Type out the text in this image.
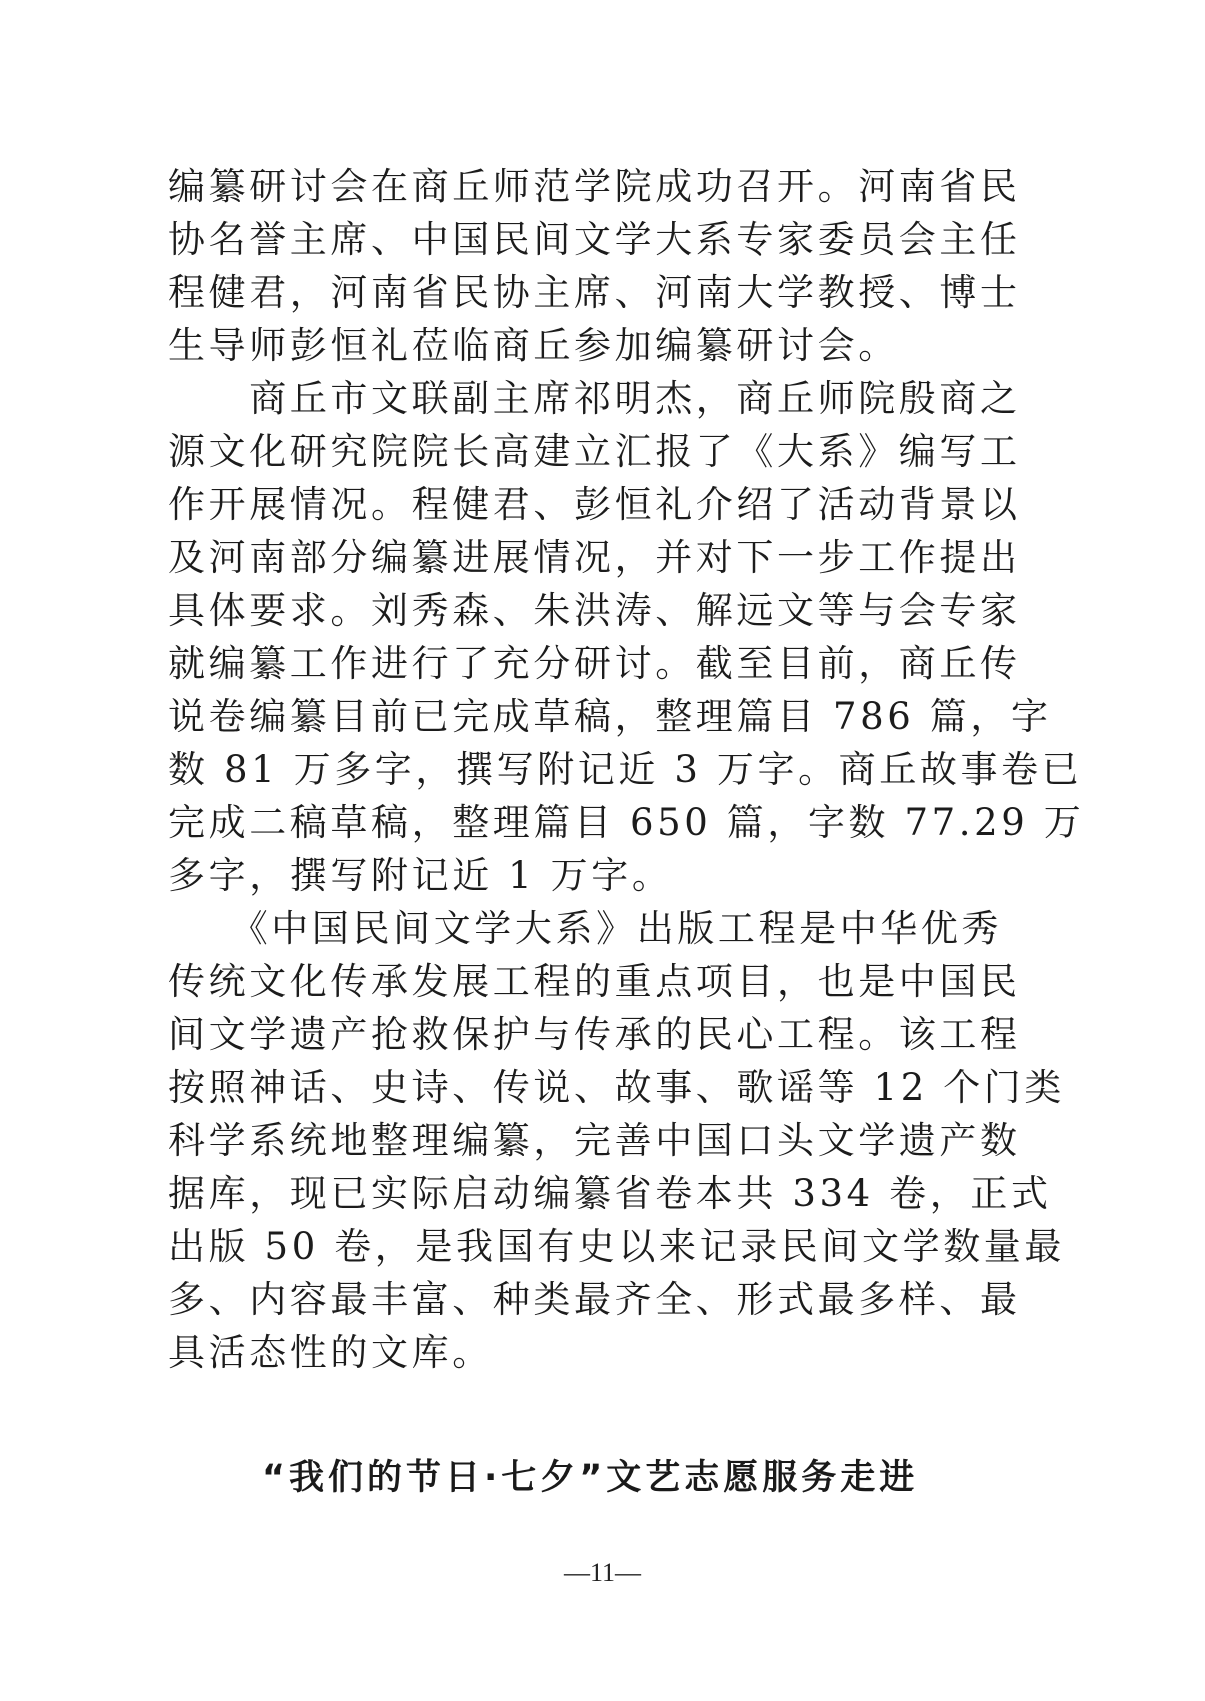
编纂研讨会在商丘师范学院成功召开。河南省民
协名誉主席、中国民间文学大系专家委员会主任
程健君，河南省民协主席、河南大学教授、博士
生导师彭恒礼莅临商丘参加编纂研讨会。
　　商丘市文联副主席祁明杰，商丘师院殷商之
源文化研究院院长高建立汇报了《大系》编写工
作开展情况。程健君、彭恒礼介绍了活动背景以
及河南部分编纂进展情况，并对下一步工作提出
具体要求。刘秀森、朱洪涛、解远文等与会专家
就编纂工作进行了充分研讨。截至目前，商丘传
说卷编纂目前已完成草稿，整理篇目 786 篇，字
数 81 万多字，撰写附记近 3 万字。商丘故事卷已
完成二稿草稿，整理篇目 650 篇，字数 77.29 万
多字，撰写附记近 1 万字。
　　《中国民间文学大系》出版工程是中华优秀
传统文化传承发展工程的重点项目，也是中国民
间文学遗产抢救保护与传承的民心工程。该工程
按照神话、史诗、传说、故事、歌谣等 12 个门类
科学系统地整理编纂，完善中国口头文学遗产数
据库，现已实际启动编纂省卷本共 334 卷，正式
出版 50 卷，是我国有史以来记录民间文学数量最
多、内容最丰富、种类最齐全、形式最多样、最
具活态性的文库。
“我们的节日·七夕”文艺志愿服务走进
—11—
